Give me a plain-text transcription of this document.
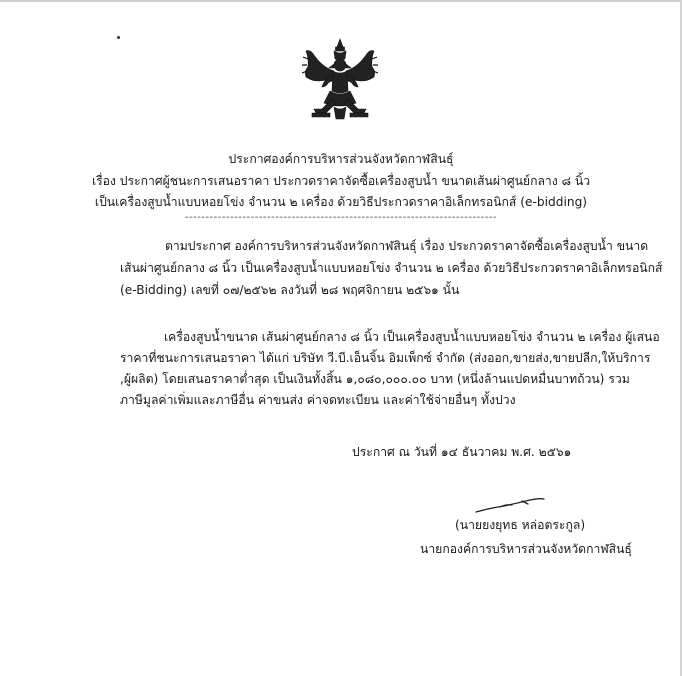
ประกาศองค์การบริหารส่วนจังหวัดกาฬสินธุ์
เรื่อง ประกาศผู้ชนะการเสนอราคา ประกวดราคาจัดซื้อเครื่องสูบน้ำ ขนาดเส้นผ่าศูนย์กลาง ๘ นิ้ว
เป็นเครื่องสูบน้ำแบบหอยโข่ง จำนวน ๒ เครื่อง ด้วยวิธีประกวดราคาอิเล็กทรอนิกส์ (e-bidding)
----------------------------------------------------------------------------
ตามประกาศ องค์การบริหารส่วนจังหวัดกาฬสินธุ์ เรื่อง ประกวดราคาจัดซื้อเครื่องสูบน้ำ ขนาด
เส้นผ่าศูนย์กลาง ๘ นิ้ว เป็นเครื่องสูบน้ำแบบหอยโข่ง จำนวน ๒ เครื่อง ด้วยวิธีประกวดราคาอิเล็กทรอนิกส์
(e-Bidding) เลขที่ ๐๗/๒๕๖๒ ลงวันที่ ๒๘ พฤศจิกายน ๒๕๖๑ นั้น
เครื่องสูบน้ำขนาด เส้นผ่าศูนย์กลาง ๘ นิ้ว เป็นเครื่องสูบน้ำแบบหอยโข่ง จำนวน ๒ เครื่อง ผู้เสนอ
ราคาที่ชนะการเสนอราคา ได้แก่ บริษัท วี.บี.เอ็นจิ้น อิมเพ็กซ์ จำกัด (ส่งออก,ขายส่ง,ขายปลีก,ให้บริการ
,ผู้ผลิต) โดยเสนอราคาต่ำสุด เป็นเงินทั้งสิ้น ๑,๐๘๐,๐๐๐.๐๐ บาท (หนึ่งล้านแปดหมื่นบาทถ้วน) รวม
ภาษีมูลค่าเพิ่มและภาษีอื่น ค่าขนส่ง ค่าจดทะเบียน และค่าใช้จ่ายอื่นๆ ทั้งปวง
ประกาศ ณ วันที่ ๑๔ ธันวาคม พ.ศ. ๒๕๖๑
(นายยงยุทธ หล่อตระกูล)
นายกองค์การบริหารส่วนจังหวัดกาฬสินธุ์
